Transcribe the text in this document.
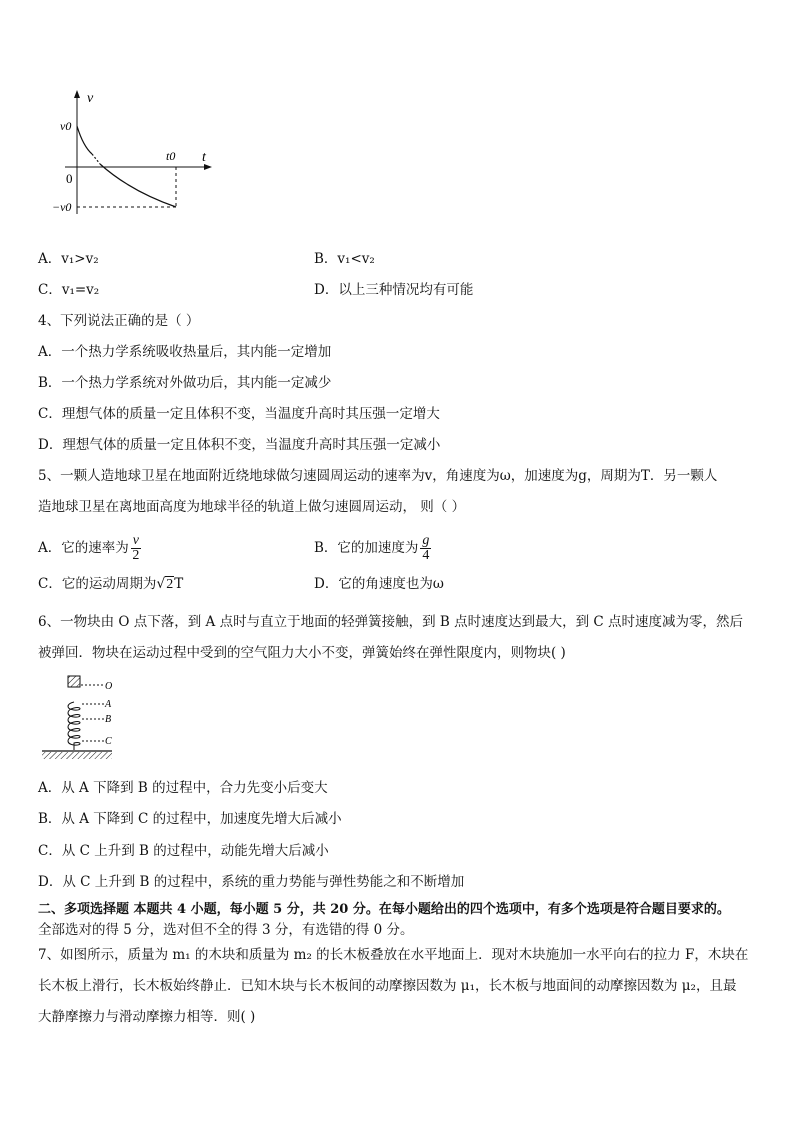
v
t
v0
0
t0
−v0
A．v₁>v₂	B．v₁<v₂
C．v₁=v₂	D．以上三种情况均有可能
4、下列说法正确的是（ ）
A．一个热力学系统吸收热量后，其内能一定增加
B．一个热力学系统对外做功后，其内能一定减少
C．理想气体的质量一定且体积不变，当温度升高时其压强一定增大
D．理想气体的质量一定且体积不变，当温度升高时其压强一定减小
5、一颗人造地球卫星在地面附近绕地球做匀速圆周运动的速率为v，角速度为ω，加速度为g，周期为T．另一颗人
造地球卫星在离地面高度为地球半径的轨道上做匀速圆周运动， 则（ ）
A．它的速率为 $\frac{v}{2}$	B．它的加速度为 $\frac{g}{4}$
C．它的运动周期为√2T	D．它的角速度也为ω
6、一物块由 O 点下落，到 A 点时与直立于地面的轻弹簧接触，到 B 点时速度达到最大，到 C 点时速度减为零，然后
被弹回．物块在运动过程中受到的空气阻力大小不变，弹簧始终在弹性限度内，则物块( )
O
A
B
C
A．从 A 下降到 B 的过程中，合力先变小后变大
B．从 A 下降到 C 的过程中，加速度先增大后减小
C．从 C 上升到 B 的过程中，动能先增大后减小
D．从 C 上升到 B 的过程中，系统的重力势能与弹性势能之和不断增加
二、多项选择题 本题共 4 小题，每小题 5 分，共 20 分。在每小题给出的四个选项中，有多个选项是符合题目要求的。
全部选对的得 5 分，选对但不全的得 3 分，有选错的得 0 分。
7、如图所示，质量为 m₁ 的木块和质量为 m₂ 的长木板叠放在水平地面上．现对木块施加一水平向右的拉力 F，木块在
长木板上滑行，长木板始终静止．已知木块与长木板间的动摩擦因数为 μ₁，长木板与地面间的动摩擦因数为 μ₂，且最
大静摩擦力与滑动摩擦力相等．则( )
